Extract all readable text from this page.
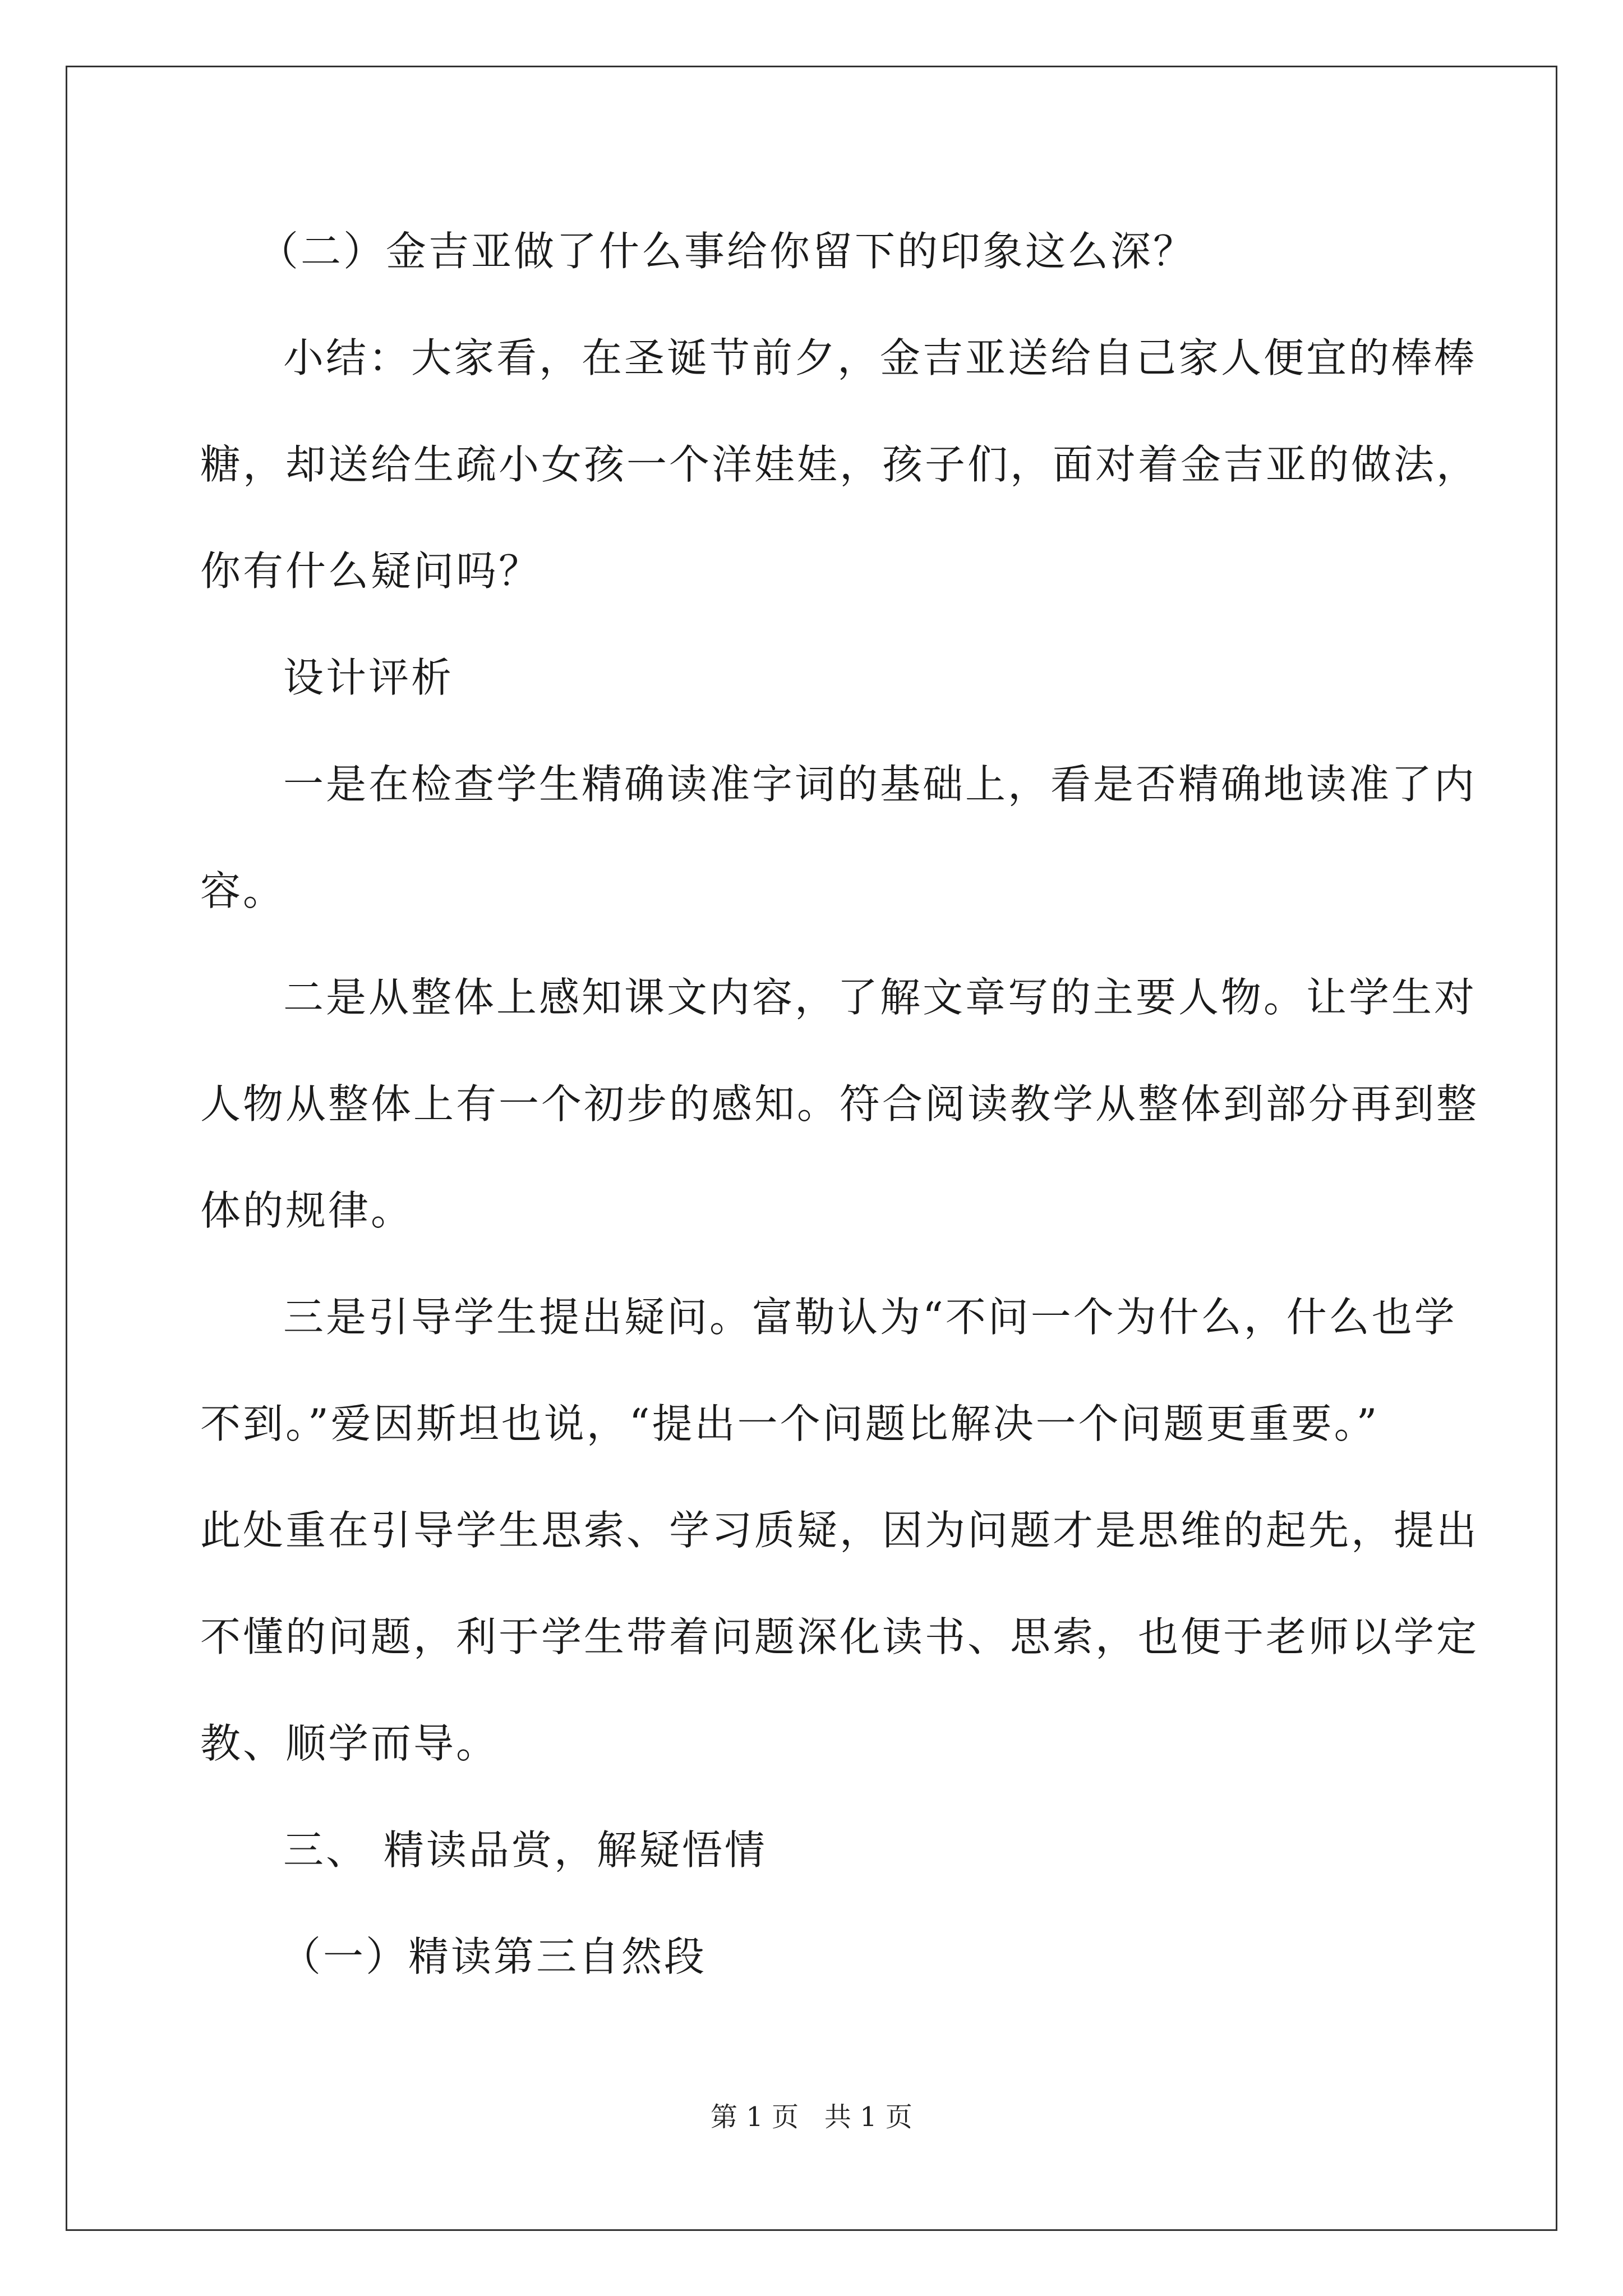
（二）金吉亚做了什么事给你留下的印象这么深？
小结：大家看，在圣诞节前夕，金吉亚送给自己家人便宜的棒棒
糖，却送给生疏小女孩一个洋娃娃，孩子们，面对着金吉亚的做法，
你有什么疑问吗？
设计评析
一是在检查学生精确读准字词的基础上，看是否精确地读准了内
容。
二是从整体上感知课文内容，了解文章写的主要人物。让学生对
人物从整体上有一个初步的感知。符合阅读教学从整体到部分再到整
体的规律。
三是引导学生提出疑问。富勒认为“不问一个为什么，什么也学
不到。”爱因斯坦也说，“提出一个问题比解决一个问题更重要。”
此处重在引导学生思索、学习质疑，因为问题才是思维的起先，提出
不懂的问题，利于学生带着问题深化读书、思索，也便于老师以学定
教、顺学而导。
三、 精读品赏，解疑悟情
（一）精读第三自然段
第 1 页   共 1 页
